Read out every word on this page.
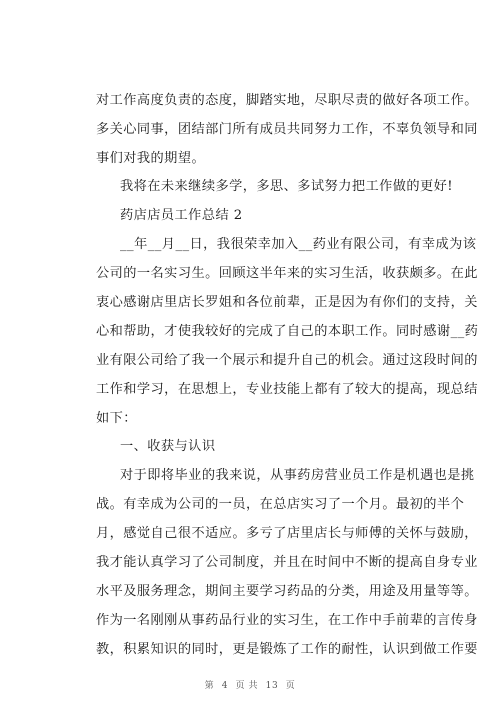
对工作高度负责的态度，脚踏实地，尽职尽责的做好各项工作。
多关心同事，团结部门所有成员共同努力工作，不辜负领导和同
事们对我的期望。
我将在未来继续多学，多思、多试努力把工作做的更好!
药店店员工作总结 2
__年__月__日，我很荣幸加入__药业有限公司，有幸成为该
公司的一名实习生。回顾这半年来的实习生活，收获颇多。在此
衷心感谢店里店长罗姐和各位前辈，正是因为有你们的支持，关
心和帮助，才使我较好的完成了自己的本职工作。同时感谢__药
业有限公司给了我一个展示和提升自己的机会。通过这段时间的
工作和学习，在思想上，专业技能上都有了较大的提高，现总结
如下：
一、收获与认识
对于即将毕业的我来说，从事药房营业员工作是机遇也是挑
战。有幸成为公司的一员，在总店实习了一个月。最初的半个
月，感觉自己很不适应。多亏了店里店长与师傅的关怀与鼓励，
我才能认真学习了公司制度，并且在时间中不断的提高自身专业
水平及服务理念，期间主要学习药品的分类，用途及用量等等。
作为一名刚刚从事药品行业的实习生，在工作中手前辈的言传身
教，积累知识的同时，更是锻炼了工作的耐性，认识到做工作要
第 4 页 共 13 页
